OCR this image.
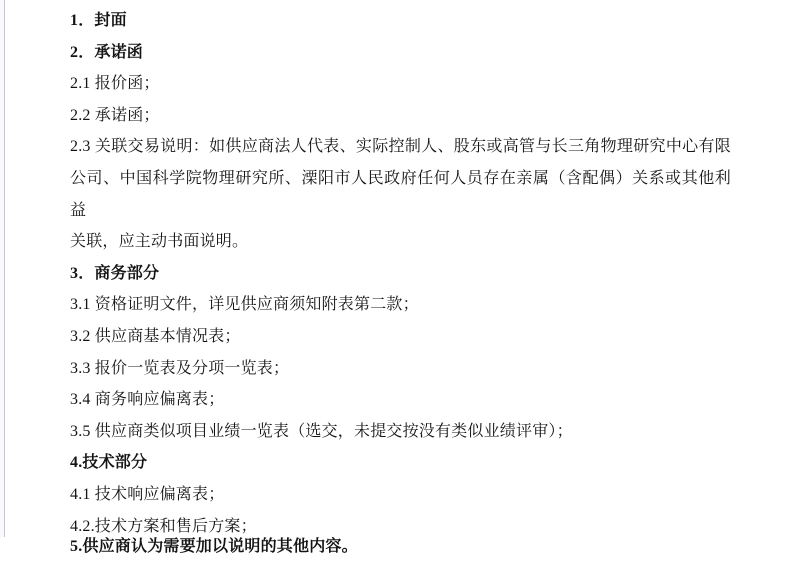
1．封面
2．承诺函
2.1 报价函；
2.2 承诺函；
2.3 关联交易说明：如供应商法人代表、实际控制人、股东或高管与长三角物理研究中心有限
公司、中国科学院物理研究所、溧阳市人民政府任何人员存在亲属（含配偶）关系或其他利益
关联，应主动书面说明。
3．商务部分
3.1 资格证明文件，详见供应商须知附表第二款；
3.2 供应商基本情况表；
3.3 报价一览表及分项一览表；
3.4 商务响应偏离表；
3.5 供应商类似项目业绩一览表（选交，未提交按没有类似业绩评审）；
4.技术部分
4.1 技术响应偏离表；
4.2.技术方案和售后方案；
5.供应商认为需要加以说明的其他内容。
